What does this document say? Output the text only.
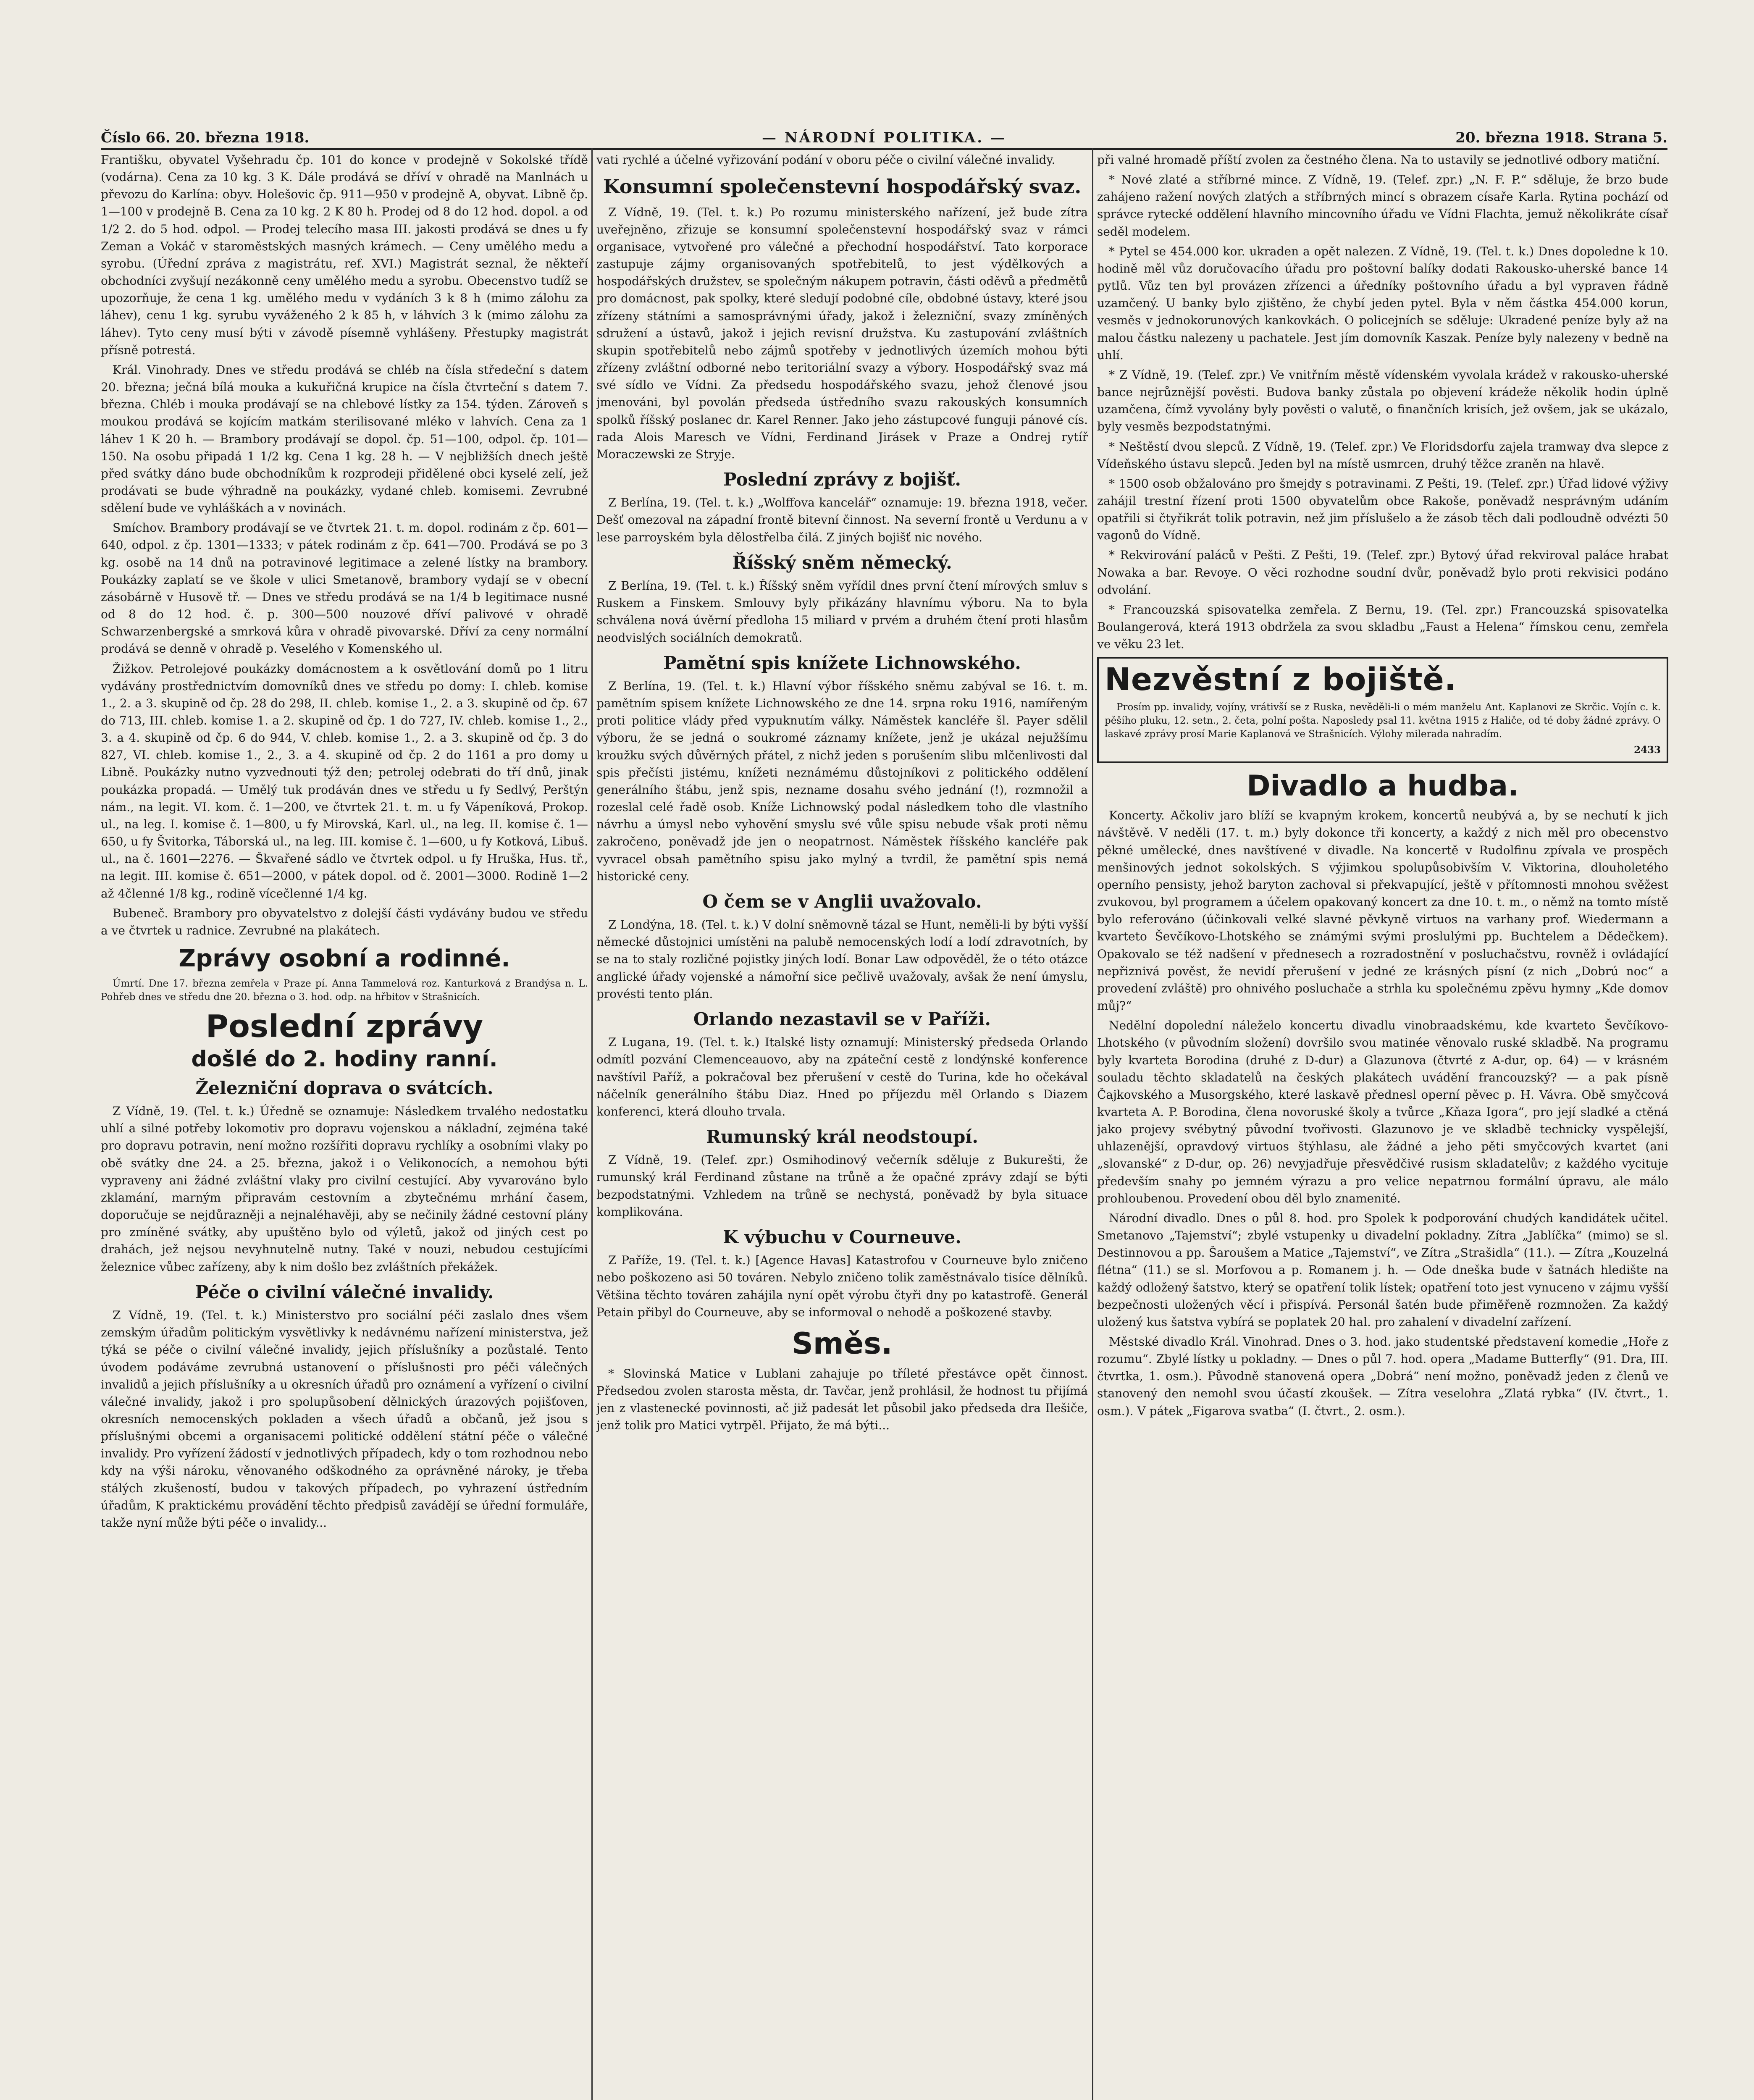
Číslo 66. 20. března 1918.	— NÁRODNÍ POLITIKA. —	20. března 1918. Strana 5.

Františku, obyvatel Vyšehradu čp. 101 do konce v prodejně v Sokolské třídě (vodárna). Cena za 10 kg. 3 K. Dále prodává se dříví v ohradě na Manlnách u převozu do Karlína: obyv. Holešovic čp. 911—950 v prodejně A, obyvat. Libně čp. 1—100 v prodejně B. Cena za 10 kg. 2 K 80 h. Prodej od 8 do 12 hod. dopol. a od 1/2 2. do 5 hod. odpol. — Prodej telecího masa III. jakosti prodává se dnes u fy Zeman a Vokáč v staroměstských masných krámech. — Ceny umělého medu a syrobu. (Úřední zpráva z magistrátu, ref. XVI.) Magistrát seznal, že někteří obchodníci zvyšují nezákonně ceny umělého medu a syrobu. Obecenstvo tudíž se upozorňuje, že cena 1 kg. umělého medu v vydáních 3 k 8 h (mimo zálohu za láhev), cenu 1 kg. syrubu vyváženého 2 k 85 h, v láhvích 3 k (mimo zálohu za láhev). Tyto ceny musí býti v závodě písemně vyhlášeny. Přestupky magistrát přísně potrestá.

Král. Vinohrady. Dnes ve středu prodává se chléb na čísla středeční s datem 20. března; ječná bílá mouka a kukuřičná krupice na čísla čtvrteční s datem 7. března. Chléb i mouka prodávají se na chlebové lístky za 154. týden. Zároveň s moukou prodává se kojícím matkám sterilisované mléko v lahvích. Cena za 1 láhev 1 K 20 h. — Brambory prodávají se dopol. čp. 51—100, odpol. čp. 101—150. Na osobu připadá 1 1/2 kg. Cena 1 kg. 28 h. — V nejbližších dnech ještě před svátky dáno bude obchodníkům k rozprodeji přidělené obci kyselé zelí, jež prodávati se bude výhradně na poukázky, vydané chleb. komisemi. Zevrubné sdělení bude ve vyhláškách a v novinách.

Smíchov. Brambory prodávají se ve čtvrtek 21. t. m. dopol. rodinám z čp. 601—640, odpol. z čp. 1301—1333; v pátek rodinám z čp. 641—700. Prodává se po 3 kg. osobě na 14 dnů na potravinové legitimace a zelené lístky na brambory. Poukázky zaplatí se ve škole v ulici Smetanově, brambory vydají se v obecní zásobárně v Husově tř. — Dnes ve středu prodává se na 1/4 b legitimace nusné od 8 do 12 hod. č. p. 300—500 nouzové dříví palivové v ohradě Schwarzenbergské a smrková kůra v ohradě pivovarské. Dříví za ceny normální prodává se denně v ohradě p. Veselého v Komenského ul.

Žižkov. Petrolejové poukázky domácnostem a k osvětlování domů po 1 litru vydávány prostřednictvím domovníků dnes ve středu po domy: I. chleb. komise 1., 2. a 3. skupině od čp. 28 do 298, II. chleb. komise 1., 2. a 3. skupině od čp. 67 do 713, III. chleb. komise 1. a 2. skupině od čp. 1 do 727, IV. chleb. komise 1., 2., 3. a 4. skupině od čp. 6 do 944, V. chleb. komise 1., 2. a 3. skupině od čp. 3 do 827, VI. chleb. komise 1., 2., 3. a 4. skupině od čp. 2 do 1161 a pro domy u Libně. Poukázky nutno vyzvednouti týž den; petrolej odebrati do tří dnů, jinak poukázka propadá. — Umělý tuk prodáván dnes ve středu u fy Sedlvý, Perštýn nám., na legit. VI. kom. č. 1—200, ve čtvrtek 21. t. m. u fy Vápeníková, Prokop. ul., na leg. I. komise č. 1—800, u fy Mirovská, Karl. ul., na leg. II. komise č. 1—650, u fy Švitorka, Táborská ul., na leg. III. komise č. 1—600, u fy Kotková, Libuš. ul., na č. 1601—2276. — Škvařené sádlo ve čtvrtek odpol. u fy Hruška, Hus. tř., na legit. III. komise č. 651—2000, v pátek dopol. od č. 2001—3000. Rodině 1—2 až 4členné 1/8 kg., rodině vícečlenné 1/4 kg.

Bubeneč. Brambory pro obyvatelstvo z dolejší části vydávány budou ve středu a ve čtvrtek u radnice. Zevrubné na plakátech.

Zprávy osobní a rodinné.

Úmrtí. Dne 17. března zemřela v Praze pí. Anna Tammelová roz. Kanturková z Brandýsa n. L. Pohřeb dnes ve středu dne 20. března o 3. hod. odp. na hřbitov v Strašnicích.

Poslední zprávy
došlé do 2. hodiny ranní.
Železniční doprava o svátcích.

Z Vídně, 19. (Tel. t. k.) Úředně se oznamuje: Následkem trvalého nedostatku uhlí a silné potřeby lokomotiv pro dopravu vojenskou a nákladní, zejména také pro dopravu potravin, není možno rozšířiti dopravu rychlíky a osobními vlaky po obě svátky dne 24. a 25. března, jakož i o Velikonocích, a nemohou býti vypraveny ani žádné zvláštní vlaky pro civilní cestující. Aby vyvarováno bylo zklamání, marným připravám cestovním a zbytečnému mrhání časem, doporučuje se nejdůrazněji a nejnaléhavěji, aby se nečinily žádné cestovní plány pro zmíněné svátky, aby upuštěno bylo od výletů, jakož od jiných cest po drahách, jež nejsou nevyhnutelně nutny. Také v nouzi, nebudou cestujícími železnice vůbec zařízeny, aby k nim došlo bez zvláštních překážek.

Péče o civilní válečné invalidy.

Z Vídně, 19. (Tel. t. k.) Ministerstvo pro sociální péči zaslalo dnes všem zemským úřadům politickým vysvětlivky k nedávnému nařízení ministerstva, jež týká se péče o civilní válečné invalidy, jejich příslušníky a pozůstalé. Tento úvodem podáváme zevrubná ustanovení o příslušnosti pro péči válečných invalidů a jejich příslušníky a u okresních úřadů pro oznámení a vyřízení o civilní válečné invalidy, jakož i pro spolupůsobení dělnických úrazových pojišťoven, okresních nemocenských pokladen a všech úřadů a občanů, jež jsou s příslušnými obcemi a organisacemi politické oddělení státní péče o válečné invalidy. Pro vyřízení žádostí v jednotlivých případech, kdy o tom rozhodnou nebo kdy na výši nároku, věnovaného odškodného za oprávněné nároky, je třeba stálých zkušeností, budou v takových případech, po vyhrazení ústředním úřadům, K praktickému provádění těchto předpisů zavádějí se úřední formuláře, takže nyní může býti péče o invalidy...

vati rychlé a účelné vyřizování podání v oboru péče o civilní válečné invalidy.

Konsumní společenstevní hospodářský svaz.

Z Vídně, 19. (Tel. t. k.) Po rozumu ministerského nařízení, jež bude zítra uveřejněno, zřizuje se konsumní společenstevní hospodářský svaz v rámci organisace, vytvořené pro válečné a přechodní hospodářství. Tato korporace zastupuje zájmy organisovaných spotřebitelů, to jest výdělkových a hospodářských družstev, se společným nákupem potravin, části oděvů a předmětů pro domácnost, pak spolky, které sledují podobné cíle, obdobné ústavy, které jsou zřízeny státními a samosprávnými úřady, jakož i železniční, svazy zmíněných sdružení a ústavů, jakož i jejich revisní družstva. Ku zastupování zvláštních skupin spotřebitelů nebo zájmů spotřeby v jednotlivých územích mohou býti zřízeny zvláštní odborné nebo teritoriální svazy a výbory. Hospodářský svaz má své sídlo ve Vídni. Za předsedu hospodářského svazu, jehož členové jsou jmenováni, byl povolán předseda ústředního svazu rakouských konsumních spolků říšský poslanec dr. Karel Renner. Jako jeho zástupcové funguji pánové cís. rada Alois Maresch ve Vídni, Ferdinand Jirásek v Praze a Ondrej rytíř Moraczewski ze Stryje.

Poslední zprávy z bojišť.

Z Berlína, 19. (Tel. t. k.) „Wolffova kancelář“ oznamuje: 19. března 1918, večer. Dešť omezoval na západní frontě bitevní činnost. Na severní frontě u Verdunu a v lese parroyském byla dělostřelba čilá. Z jiných bojišť nic nového.

Říšský sněm německý.

Z Berlína, 19. (Tel. t. k.) Říšský sněm vyřídil dnes první čtení mírových smluv s Ruskem a Finskem. Smlouvy byly přikázány hlavnímu výboru. Na to byla schválena nová úvěrní předloha 15 miliard v prvém a druhém čtení proti hlasům neodvislých sociálních demokratů.

Pamětní spis knížete Lichnowského.

Z Berlína, 19. (Tel. t. k.) Hlavní výbor říšského sněmu zabýval se 16. t. m. pamětním spisem knížete Lichnowského ze dne 14. srpna roku 1916, namířeným proti politice vlády před vypuknutím války. Náměstek kancléře šl. Payer sdělil výboru, že se jedná o soukromé záznamy knížete, jenž je ukázal nejužšímu kroužku svých důvěrných přátel, z nichž jeden s porušením slibu mlčenlivosti dal spis přečísti jistému, knížeti neznámému důstojníkovi z politického oddělení generálního štábu, jenž spis, nezname dosahu svého jednání (!), rozmnožil a rozeslal celé řadě osob. Kníže Lichnowský podal následkem toho dle vlastního návrhu a úmysl nebo vyhovění smyslu své vůle spisu nebude však proti němu zakročeno, poněvadž jde jen o neopatrnost. Náměstek říšského kancléře pak vyvracel obsah pamětního spisu jako mylný a tvrdil, že pamětní spis nemá historické ceny.

O čem se v Anglii uvažovalo.

Z Londýna, 18. (Tel. t. k.) V dolní sněmovně tázal se Hunt, neměli-li by býti vyšší německé důstojnici umístěni na palubě nemocenských lodí a lodí zdravotních, by se na to staly rozličné pojistky jiných lodí. Bonar Law odpověděl, že o této otázce anglické úřady vojenské a námořní sice pečlivě uvažovaly, avšak že není úmyslu, provésti tento plán.

Orlando nezastavil se v Paříži.

Z Lugana, 19. (Tel. t. k.) Italské listy oznamují: Ministerský předseda Orlando odmítl pozvání Clemenceauovo, aby na zpáteční cestě z londýnské konference navštívil Paříž, a pokračoval bez přerušení v cestě do Turina, kde ho očekával náčelník generálního štábu Diaz. Hned po příjezdu měl Orlando s Diazem konferenci, která dlouho trvala.

Rumunský král neodstoupí.

Z Vídně, 19. (Telef. zpr.) Osmihodinový večerník sděluje z Bukurešti, že rumunský král Ferdinand zůstane na trůně a že opačné zprávy zdají se býti bezpodstatnými. Vzhledem na trůně se nechystá, poněvadž by byla situace komplikována.

K výbuchu v Courneuve.

Z Paříže, 19. (Tel. t. k.) [Agence Havas] Katastrofou v Courneuve bylo zničeno nebo poškozeno asi 50 továren. Nebylo zničeno tolik zaměstnávalo tisíce dělníků. Většina těchto továren zahájila nyní opět výrobu čtyři dny po katastrofě. Generál Petain přibyl do Courneuve, aby se informoval o nehodě a poškozené stavby.

Směs.

* Slovinská Matice v Lublani zahajuje po tříleté přestávce opět činnost. Předsedou zvolen starosta města, dr. Tavčar, jenž prohlásil, že hodnost tu přijímá jen z vlastenecké povinnosti, ač již padesát let působil jako předseda dra Ilešiče, jenž tolik pro Matici vytrpěl. Přijato, že má býti...

při valné hromadě příští zvolen za čestného člena. Na to ustavily se jednotlivé odbory matiční.

* Nové zlaté a stříbrné mince. Z Vídně, 19. (Telef. zpr.) „N. F. P.“ sděluje, že brzo bude zahájeno ražení nových zlatých a stříbrných mincí s obrazem císaře Karla. Rytina pochází od správce rytecké oddělení hlavního mincovního úřadu ve Vídni Flachta, jemuž několikráte císař seděl modelem.

* Pytel se 454.000 kor. ukraden a opět nalezen. Z Vídně, 19. (Tel. t. k.) Dnes dopoledne k 10. hodině měl vůz doručovacího úřadu pro poštovní balíky dodati Rakousko-uherské bance 14 pytlů. Vůz ten byl provázen zřízenci a úředníky poštovního úřadu a byl vypraven řádně uzamčený. U banky bylo zjištěno, že chybí jeden pytel. Byla v něm částka 454.000 korun, vesměs v jednokorunových kankovkách. O policejních se sděluje: Ukradené peníze byly až na malou částku nalezeny u pachatele. Jest jím domovník Kaszak. Peníze byly nalezeny v bedně na uhlí.

* Z Vídně, 19. (Telef. zpr.) Ve vnitřním městě vídenském vyvolala krádež v rakousko-uherské bance nejrůznější pověsti. Budova banky zůstala po objevení krádeže několik hodin úplně uzamčena, čímž vyvolány byly pověsti o valutě, o finančních krisích, jež ovšem, jak se ukázalo, byly vesměs bezpodstatnými.

* Neštěstí dvou slepců. Z Vídně, 19. (Telef. zpr.) Ve Floridsdorfu zajela tramway dva slepce z Vídeňského ústavu slepců. Jeden byl na místě usmrcen, druhý těžce zraněn na hlavě.

* 1500 osob obžalováno pro šmejdy s potravinami. Z Pešti, 19. (Telef. zpr.) Úřad lidové výživy zahájil trestní řízení proti 1500 obyvatelům obce Rakoše, poněvadž nesprávným udáním opatřili si čtyřikrát tolik potravin, než jim příslušelo a že zásob těch dali podloudně odvézti 50 vagonů do Vídně.

* Rekvirování paláců v Pešti. Z Pešti, 19. (Telef. zpr.) Bytový úřad rekviroval paláce hrabat Nowaka a bar. Revoye. O věci rozhodne soudní dvůr, poněvadž bylo proti rekvisici podáno odvolání.

* Francouzská spisovatelka zemřela. Z Bernu, 19. (Tel. zpr.) Francouzská spisovatelka Boulangerová, která 1913 obdržela za svou skladbu „Faust a Helena“ římskou cenu, zemřela ve věku 23 let.

Nezvěstní z bojiště.

Prosím pp. invalidy, vojíny, vrátivší se z Ruska, nevěděli-li o mém manželu Ant. Kaplanovi ze Skrčic. Vojín c. k. pěšího pluku, 12. setn., 2. četa, polní pošta. Naposledy psal 11. května 1915 z Haliče, od té doby žádné zprávy. O laskavé zprávy prosí Marie Kaplanová ve Strašnicích. Výlohy milerada nahradím.

2433
Divadlo a hudba.

Koncerty. Ačkoliv jaro blíží se kvapným krokem, koncertů neubývá a, by se nechutí k jich návštěvě. V neděli (17. t. m.) byly dokonce tři koncerty, a každý z nich měl pro obecenstvo pěkné umělecké, dnes navštívené v divadle. Na koncertě v Rudolfinu zpívala ve prospěch menšinových jednot sokolských. S výjimkou spolupůsobivším V. Viktorina, dlouholetého operního pensisty, jehož baryton zachoval si překvapující, ještě v přítomnosti mnohou svěžest zvukovou, byl programem a účelem opakovaný koncert za dne 10. t. m., o němž na tomto místě bylo referováno (účinkovali velké slavné pěvkyně virtuos na varhany prof. Wiedermann a kvarteto Ševčíkovo-Lhotského se známými svými proslulými pp. Buchtelem a Dědečkem). Opakovalo se též nadšení v přednesech a rozradostnění v posluchačstvu, rovněž i ovládající nepřiznivá pověst, že nevidí přerušení v jedné ze krásných písní (z nich „Dobrú noc“ a provedení zvláště) pro ohnivého posluchače a strhla ku společnému zpěvu hymny „Kde domov můj?“

Nedělní dopolední náleželo koncertu divadlu vinobraadskému, kde kvarteto Ševčíkovo-Lhotského (v původním složení) dovršilo svou matinée věnovalo ruské skladbě. Na programu byly kvarteta Borodina (druhé z D-dur) a Glazunova (čtvrté z A-dur, op. 64) — v krásném souladu těchto skladatelů na českých plakátech uvádění francouzský? — a pak písně Čajkovského a Musorgského, které laskavě přednesl operní pěvec p. H. Vávra. Obě smyčcová kvarteta A. P. Borodina, člena novoruské školy a tvůrce „Kňaza Igora“, pro její sladké a ctěná jako projevy svébytný původní tvořivosti. Glazunovo je ve skladbě technicky vyspělejší, uhlazenější, opravdový virtuos štýhlasu, ale žádné a jeho pěti smyčcových kvartet (ani „slovanské“ z D-dur, op. 26) nevyjadřuje přesvědčivé rusism skladatelův; z každého vycituje především snahy po jemném výrazu a pro velice nepatrnou formální úpravu, ale málo prohloubenou. Provedení obou děl bylo znamenité.

Národní divadlo. Dnes o půl 8. hod. pro Spolek k podporování chudých kandidátek učitel. Smetanovo „Tajemství“; zbylé vstupenky u divadelní pokladny. Zítra „Jablíčka“ (mimo) se sl. Destinnovou a pp. Šaroušem a Matice „Tajemství“, ve Zítra „Strašidla“ (11.). — Zítra „Kouzelná flétna“ (11.) se sl. Morfovou a p. Romanem j. h. — Ode dneška bude v šatnách hledište na každý odložený šatstvo, který se opatření tolik lístek; opatření toto jest vynuceno v zájmu vyšší bezpečnosti uložených věcí i přispívá. Personál šatén bude přiměřeně rozmnožen. Za každý uložený kus šatstva vybírá se poplatek 20 hal. pro zahalení v divadelní zařízení.

Městské divadlo Král. Vinohrad. Dnes o 3. hod. jako studentské představení komedie „Hoře z rozumu“. Zbylé lístky u pokladny. — Dnes o půl 7. hod. opera „Madame Butterfly“ (91. Dra, III. čtvrtka, 1. osm.). Původně stanovená opera „Dobrá“ není možno, poněvadž jeden z členů ve stanovený den nemohl svou účastí zkoušek. — Zítra veselohra „Zlatá rybka“ (IV. čtvrt., 1. osm.). V pátek „Figarova svatba“ (I. čtvrt., 2. osm.).
